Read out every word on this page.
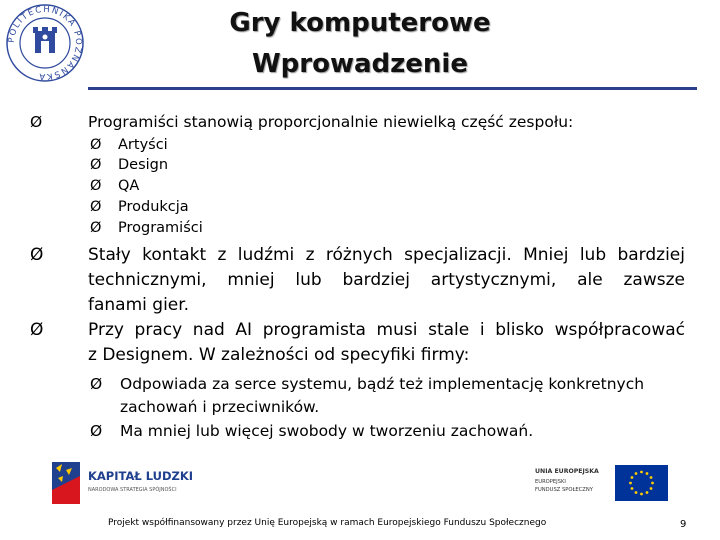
POLITECHNIKA POZNAŃSKA
Gry komputerowe
Wprowadzenie
Ø	Programiści stanowią proporcjonalnie niewielką część zespołu:
Ø Artyści
Ø Design
Ø QA
Ø Produkcja
Ø Programiści
Ø	Stały kontakt z ludźmi z różnych specjalizacji. Mniej lub bardziej
technicznymi, mniej lub bardziej artystycznymi, ale zawsze
fanami gier.
Ø	Przy pracy nad AI programista musi stale i blisko współpracować
z Designem. W zależności od specyfiki firmy:
Ø Odpowiada za serce systemu, bądź też implementację konkretnych
zachowań i przeciwników.
Ø Ma mniej lub więcej swobody w tworzeniu zachowań.
KAPITAŁ LUDZKI
NARODOWA STRATEGIA SPÓJNOŚCI
UNIA EUROPEJSKA
EUROPEJSKI
FUNDUSZ SPOŁECZNY
Projekt współfinansowany przez Unię Europejską w ramach Europejskiego Funduszu Społecznego	9
